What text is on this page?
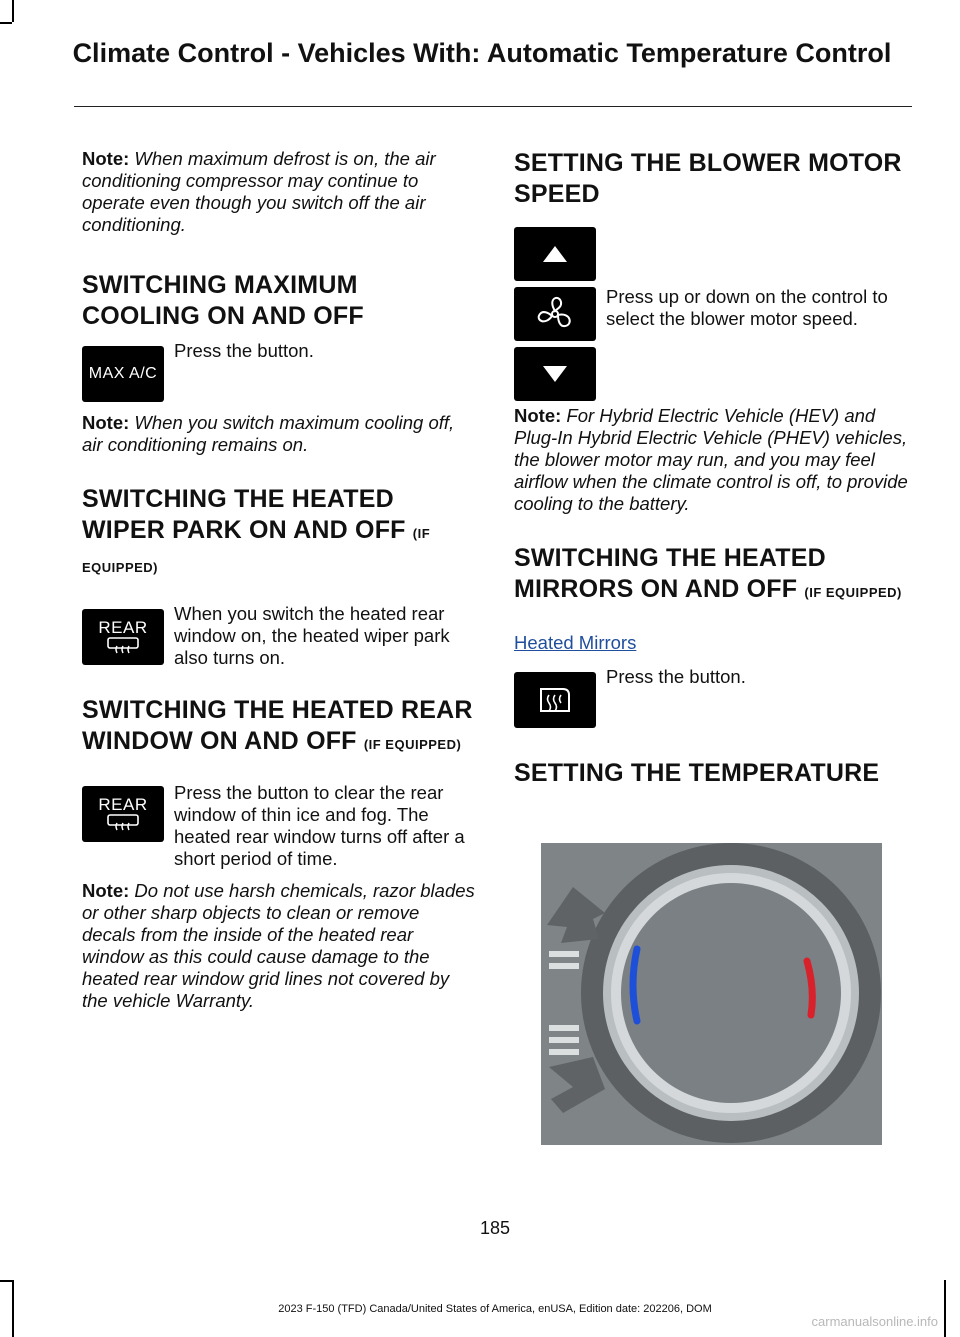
Climate Control - Vehicles With: Automatic Temperature Control

Note: When maximum defrost is on, the air conditioning compressor may continue to operate even though you switch off the air conditioning.

SWITCHING MAXIMUM COOLING ON AND OFF
MAX A/C

Press the button.

Note: When you switch maximum cooling off, air conditioning remains on.

SWITCHING THE HEATED WIPER PARK ON AND OFF (IF EQUIPPED)
REAR

When you switch the heated rear window on, the heated wiper park also turns on.

SWITCHING THE HEATED REAR WINDOW ON AND OFF (IF EQUIPPED)
REAR

Press the button to clear the rear window of thin ice and fog. The heated rear window turns off after a short period of time.

Note: Do not use harsh chemicals, razor blades or other sharp objects to clean or remove decals from the inside of the heated rear window as this could cause damage to the heated rear window grid lines not covered by the vehicle Warranty.

SETTING THE BLOWER MOTOR SPEED

Press up or down on the control to select the blower motor speed.

Note: For Hybrid Electric Vehicle (HEV) and Plug-In Hybrid Electric Vehicle (PHEV) vehicles, the blower motor may run, and you may feel airflow when the climate control is off, to provide cooling to the battery.

SWITCHING THE HEATED MIRRORS ON AND OFF (IF EQUIPPED)
Heated Mirrors

Press the button.

SETTING THE TEMPERATURE
185
2023 F-150 (TFD) Canada/United States of America, enUSA, Edition date: 202206, DOM
carmanualsonline.info
